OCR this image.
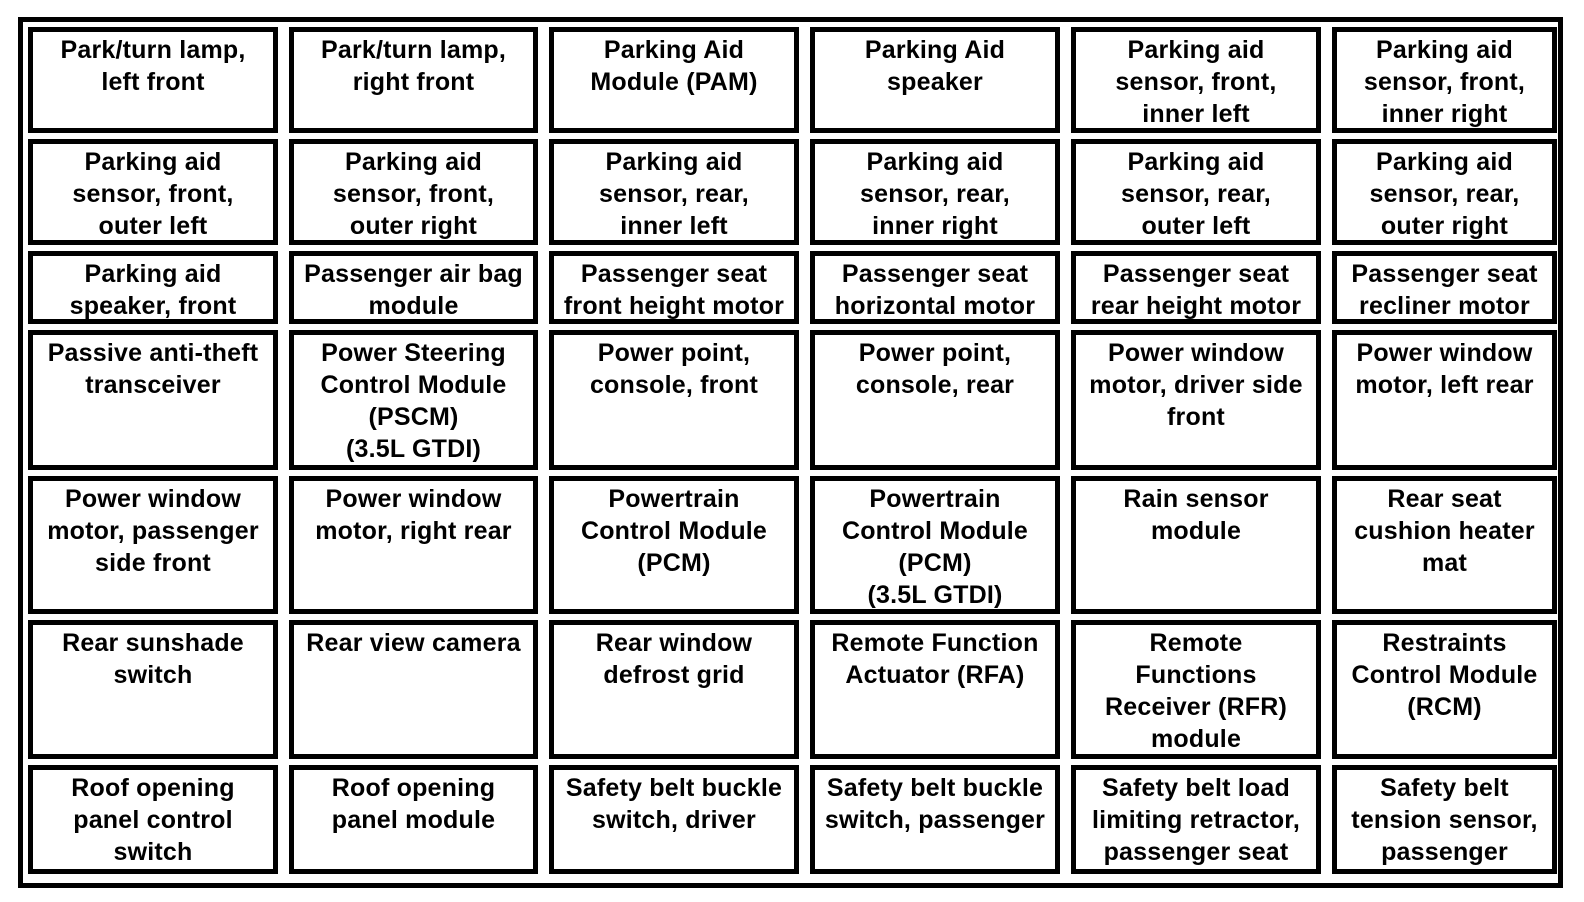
Park/turn lamp,
left front
Park/turn lamp,
right front
Parking Aid
Module (PAM)
Parking Aid
speaker
Parking aid
sensor, front,
inner left
Parking aid
sensor, front,
inner right
Parking aid
sensor, front,
outer left
Parking aid
sensor, front,
outer right
Parking aid
sensor, rear,
inner left
Parking aid
sensor, rear,
inner right
Parking aid
sensor, rear,
outer left
Parking aid
sensor, rear,
outer right
Parking aid
speaker, front
Passenger air bag
module
Passenger seat
front height motor
Passenger seat
horizontal motor
Passenger seat
rear height motor
Passenger seat
recliner motor
Passive anti-theft
transceiver
Power Steering
Control Module
(PSCM)
(3.5L GTDI)
Power point,
console, front
Power point,
console, rear
Power window
motor, driver side
front
Power window
motor, left rear
Power window
motor, passenger
side front
Power window
motor, right rear
Powertrain
Control Module
(PCM)
Powertrain
Control Module
(PCM)
(3.5L GTDI)
Rain sensor
module
Rear seat
cushion heater
mat
Rear sunshade
switch
Rear view camera	Rear window
defrost grid
Remote Function
Actuator (RFA)
Remote
Functions
Receiver (RFR)
module
Restraints
Control Module
(RCM)
Roof opening
panel control
switch
Roof opening
panel module
Safety belt buckle
switch, driver
Safety belt buckle
switch, passenger
Safety belt load
limiting retractor,
passenger seat
Safety belt
tension sensor,
passenger
